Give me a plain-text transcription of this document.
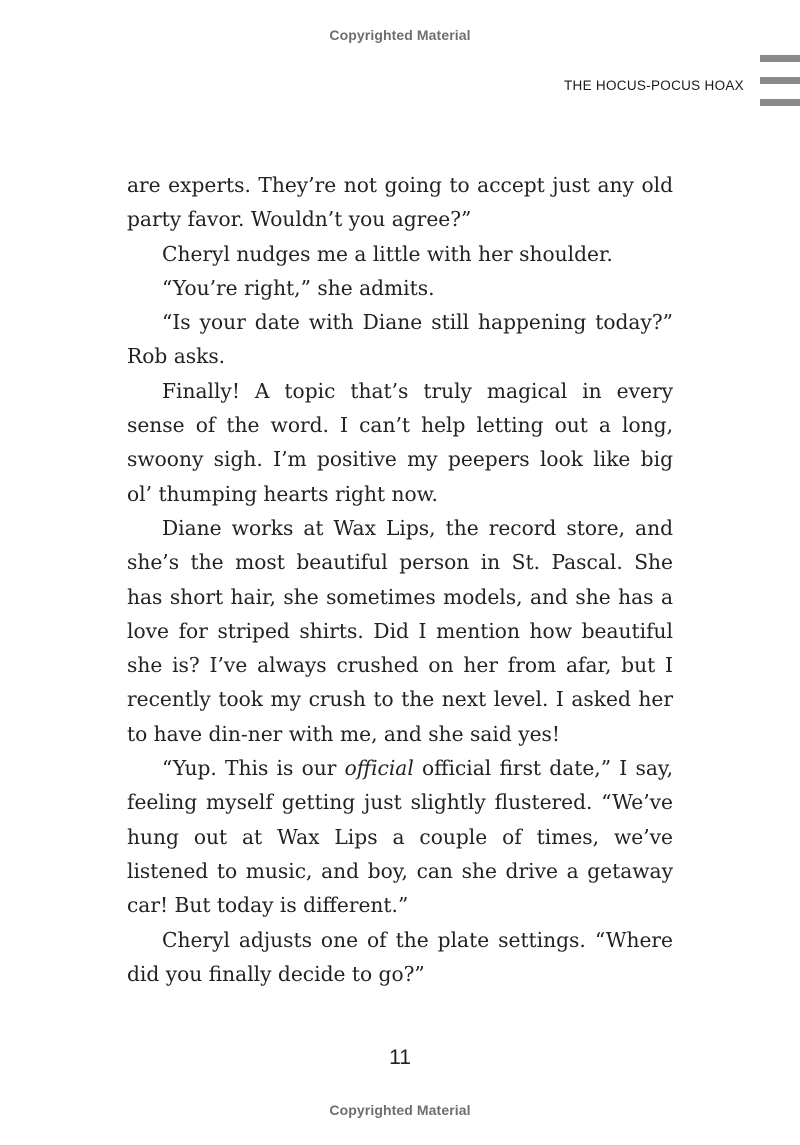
Copyrighted Material
THE HOCUS-POCUS HOAX

are experts. They’re not going to accept just any old party favor. Wouldn’t you agree?”

Cheryl nudges me a little with her shoulder.

“You’re right,” she admits.

“Is your date with Diane still happening today?” Rob asks.

Finally! A topic that’s truly magical in every sense of the word. I can’t help letting out a long, swoony sigh. I’m positive my peepers look like big ol’ thumping hearts right now.

Diane works at Wax Lips, the record store, and she’s the most beautiful person in St. Pascal. She has short hair, she sometimes models, and she has a love for striped shirts. Did I mention how beautiful she is? I’ve always crushed on her from afar, but I recently took my crush to the next level. I asked her to have din-ner with me, and she said yes!

“Yup. This is our official official first date,” I say, feeling myself getting just slightly flustered. “We’ve hung out at Wax Lips a couple of times, we’ve listened to music, and boy, can she drive a getaway car! But today is different.”

Cheryl adjusts one of the plate settings. “Where did you finally decide to go?”

11
Copyrighted Material
